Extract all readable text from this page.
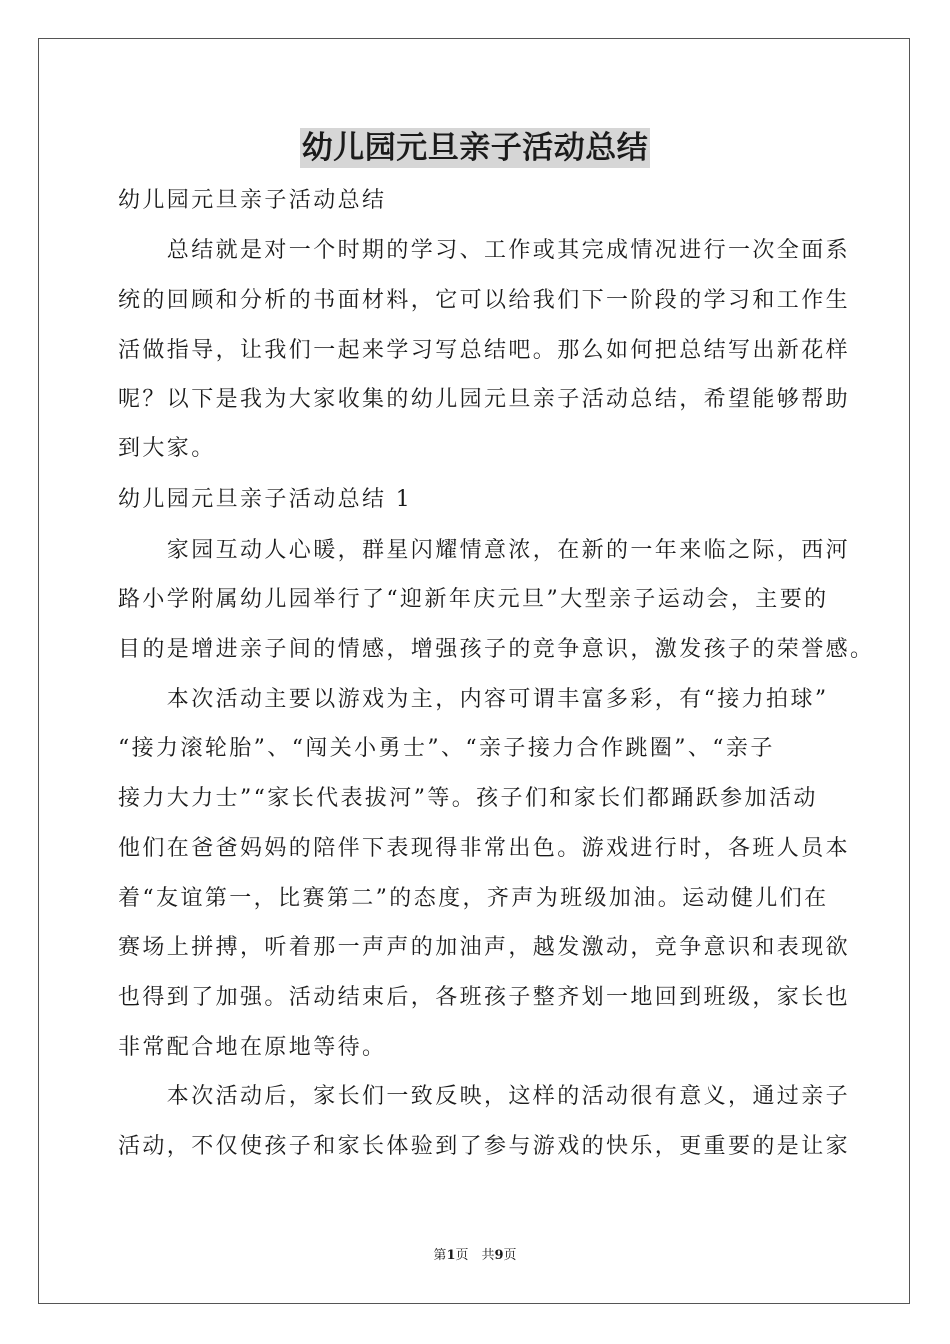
幼儿园元旦亲子活动总结
幼儿园元旦亲子活动总结
　　总结就是对一个时期的学习、工作或其完成情况进行一次全面系
统的回顾和分析的书面材料，它可以给我们下一阶段的学习和工作生
活做指导，让我们一起来学习写总结吧。那么如何把总结写出新花样
呢？以下是我为大家收集的幼儿园元旦亲子活动总结，希望能够帮助
到大家。
幼儿园元旦亲子活动总结 1
　　家园互动人心暖，群星闪耀情意浓，在新的一年来临之际，西河
路小学附属幼儿园举行了“迎新年庆元旦”大型亲子运动会，主要的
目的是增进亲子间的情感，增强孩子的竞争意识，激发孩子的荣誉感。
　　本次活动主要以游戏为主，内容可谓丰富多彩，有“接力拍球”
“接力滚轮胎”、“闯关小勇士”、“亲子接力合作跳圈”、“亲子
接力大力士”“家长代表拔河”等。孩子们和家长们都踊跃参加活动
他们在爸爸妈妈的陪伴下表现得非常出色。游戏进行时，各班人员本
着“友谊第一，比赛第二”的态度，齐声为班级加油。运动健儿们在
赛场上拼搏，听着那一声声的加油声，越发激动，竞争意识和表现欲
也得到了加强。活动结束后，各班孩子整齐划一地回到班级，家长也
非常配合地在原地等待。
　　本次活动后，家长们一致反映，这样的活动很有意义，通过亲子
活动，不仅使孩子和家长体验到了参与游戏的快乐，更重要的是让家
第1页　共9页
